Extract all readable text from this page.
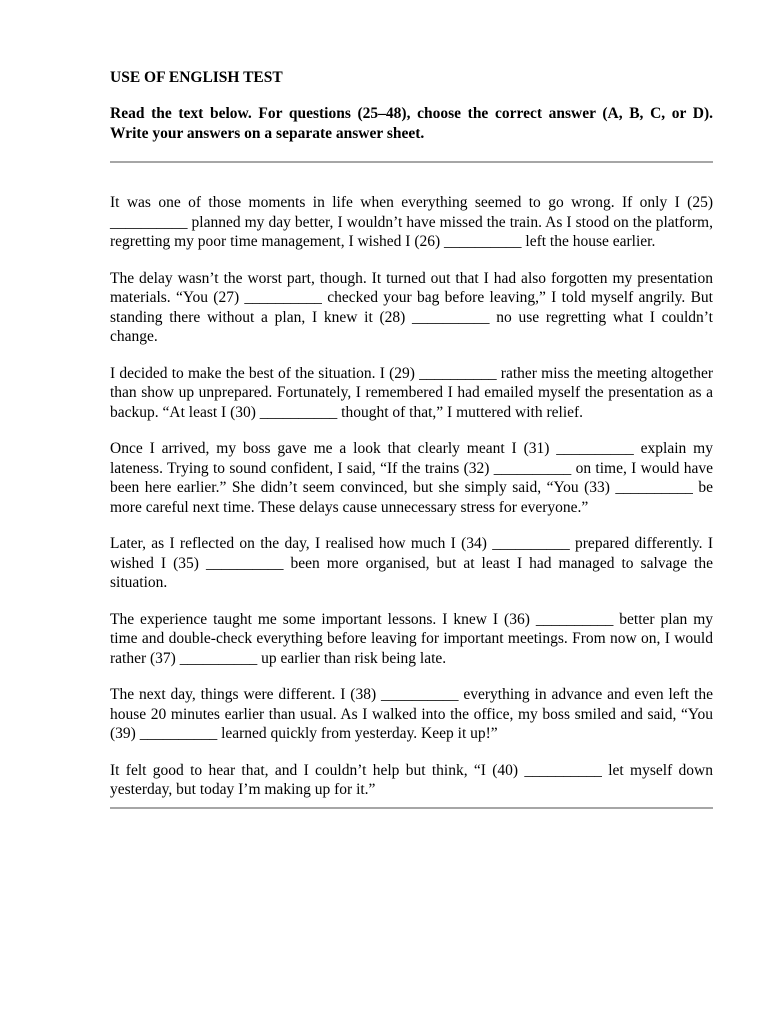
USE OF ENGLISH TEST

Read the text below. For questions (25–48), choose the correct answer (A, B, C, or D). Write your answers on a separate answer sheet.

It was one of those moments in life when everything seemed to go wrong. If only I (25) __________ planned my day better, I wouldn’t have missed the train. As I stood on the platform, regretting my poor time management, I wished I (26) __________ left the house earlier.

The delay wasn’t the worst part, though. It turned out that I had also forgotten my presentation materials. “You (27) __________ checked your bag before leaving,” I told myself angrily. But standing there without a plan, I knew it (28) __________ no use regretting what I couldn’t change.

I decided to make the best of the situation. I (29) __________ rather miss the meeting altogether than show up unprepared. Fortunately, I remembered I had emailed myself the presentation as a backup. “At least I (30) __________ thought of that,” I muttered with relief.

Once I arrived, my boss gave me a look that clearly meant I (31) __________ explain my lateness. Trying to sound confident, I said, “If the trains (32) __________ on time, I would have been here earlier.” She didn’t seem convinced, but she simply said, “You (33) __________ be more careful next time. These delays cause unnecessary stress for everyone.”

Later, as I reflected on the day, I realised how much I (34) __________ prepared differently. I wished I (35) __________ been more organised, but at least I had managed to salvage the situation.

The experience taught me some important lessons. I knew I (36) __________ better plan my time and double-check everything before leaving for important meetings. From now on, I would rather (37) __________ up earlier than risk being late.

The next day, things were different. I (38) __________ everything in advance and even left the house 20 minutes earlier than usual. As I walked into the office, my boss smiled and said, “You (39) __________ learned quickly from yesterday. Keep it up!”

It felt good to hear that, and I couldn’t help but think, “I (40) __________ let myself down yesterday, but today I’m making up for it.”
